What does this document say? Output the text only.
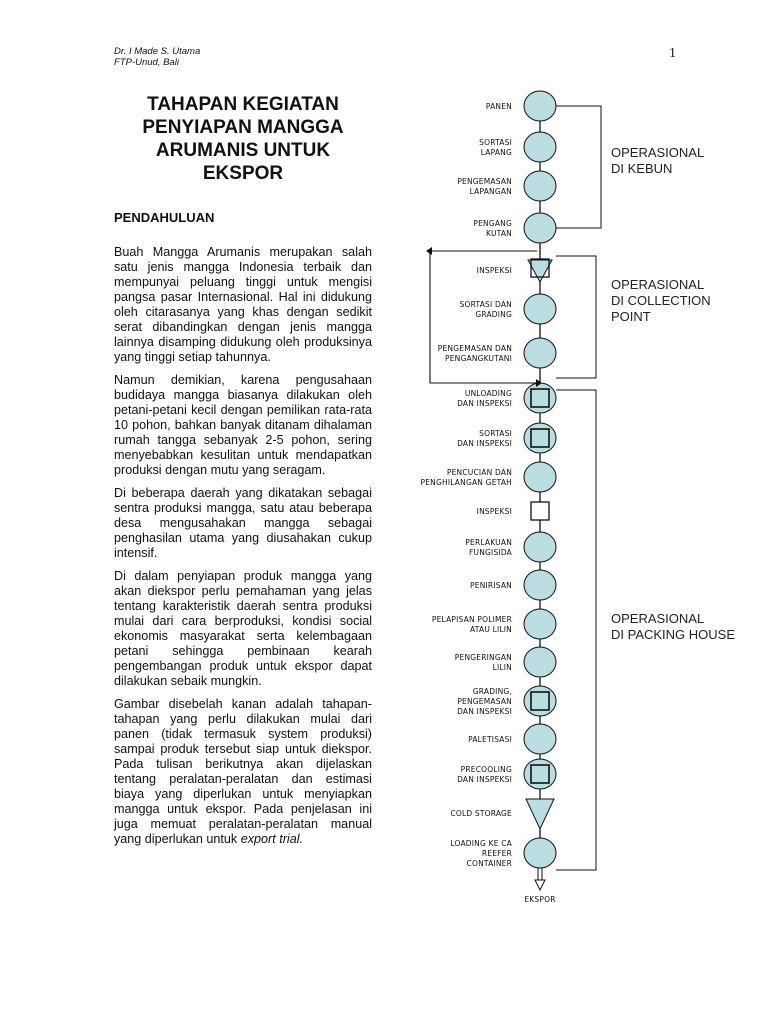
Dr. I Made S. Utama
FTP-Unud, Bali
1
TAHAPAN KEGIATAN
PENYIAPAN MANGGA
ARUMANIS UNTUK
EKSPOR
PENDAHULUAN

Buah Mangga Arumanis merupakan salah satu jenis mangga Indonesia terbaik dan mempunyai peluang tinggi untuk mengisi pangsa pasar Internasional. Hal ini didukung oleh citarasanya yang khas dengan sedikit serat dibandingkan dengan jenis mangga lainnya disamping didukung oleh produksinya yang tinggi setiap tahunnya.

Namun demikian, karena pengusahaan budidaya mangga biasanya dilakukan oleh petani-petani kecil dengan pemilikan rata-rata 10 pohon, bahkan banyak ditanam dihalaman rumah tangga sebanyak 2-5 pohon, sering menyebabkan kesulitan untuk mendapatkan produksi dengan mutu yang seragam.

Di beberapa daerah yang dikatakan sebagai sentra produksi mangga, satu atau beberapa desa mengusahakan mangga sebagai penghasilan utama yang diusahakan cukup intensif.

Di dalam penyiapan produk mangga yang akan diekspor perlu pemahaman yang jelas tentang karakteristik daerah sentra produksi mulai dari cara berproduksi, kondisi social ekonomis masyarakat serta kelembagaan petani sehingga pembinaan kearah pengembangan produk untuk ekspor dapat dilakukan sebaik mungkin.

Gambar disebelah kanan adalah tahapan-tahapan yang perlu dilakukan mulai dari panen (tidak termasuk system produksi) sampai produk tersebut siap untuk diekspor. Pada tulisan berikutnya akan dijelaskan tentang peralatan-peralatan dan estimasi biaya yang diperlukan untuk menyiapkan mangga untuk ekspor. Pada penjelasan ini juga memuat peralatan-peralatan manual yang diperlukan untuk export trial.

PANEN
SORTASI
LAPANG
PENGEMASAN
LAPANGAN
PENGANG
KUTAN
INSPEKSI
SORTASI DAN
GRADING
PENGEMASAN DAN
PENGANGKUTANI
UNLOADING
DAN INSPEKSI
SORTASI
DAN INSPEKSI
PENCUCIAN DAN
PENGHILANGAN GETAH
INSPEKSI
PERLAKUAN
FUNGISIDA
PENIRISAN
PELAPISAN POLIMER
ATAU LILIN
PENGERINGAN
LILIN
GRADING,
PENGEMASAN
DAN INSPEKSI
PALETISASI
PRECOOLING
DAN INSPEKSI
COLD STORAGE
LOADING KE CA
REEFER
CONTAINER
EKSPOR
OPERASIONAL
DI KEBUN
OPERASIONAL
DI COLLECTION
POINT
OPERASIONAL
DI PACKING HOUSE
